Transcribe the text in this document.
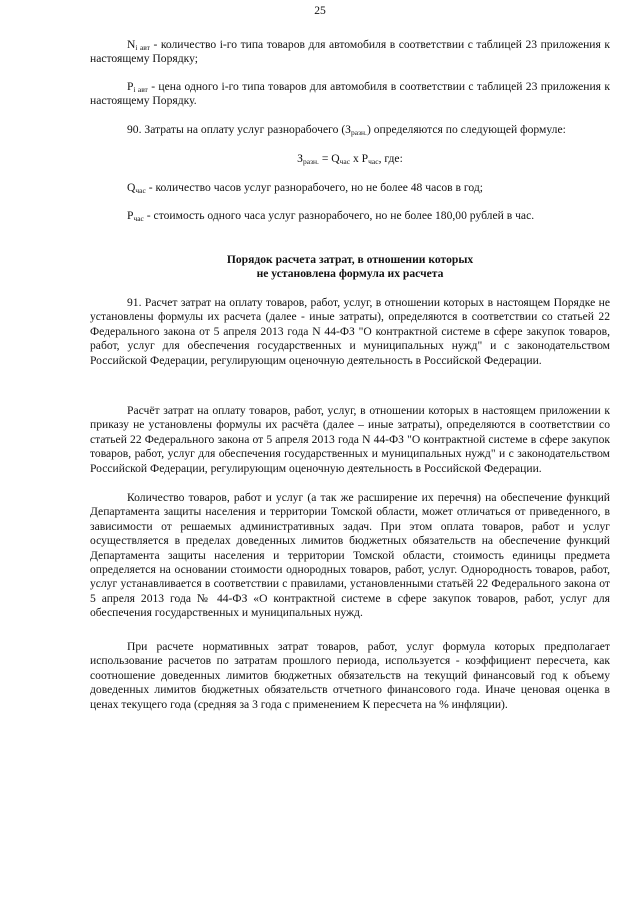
25
$N_{i авт}$ - количество i-го типа товаров для автомобиля в соответствии с таблицей 23 приложения к настоящему Порядку;
$P_{i авт}$ - цена одного i-го типа товаров для автомобиля в соответствии с таблицей 23 приложения к настоящему Порядку.
90. Затраты на оплату услуг разнорабочего $(З_{разн.})$ определяются по следующей формуле:
$З_{разн.} = Q_{час}$ х $P_{час}$, где:
$Q_{час}$ - количество часов услуг разнорабочего, но не более 48 часов в год;
$P_{час}$ - стоимость одного часа услуг разнорабочего, но не более 180,00 рублей в час.
Порядок расчета затрат, в отношении которых
не установлена формула их расчета
91. Расчет затрат на оплату товаров, работ, услуг, в отношении которых в настоящем Порядке не установлены формулы их расчета (далее - иные затраты), определяются в соответствии со статьей 22 Федерального закона от 5 апреля 2013 года N 44-ФЗ "О контрактной системе в сфере закупок товаров, работ, услуг для обеспечения государственных и муниципальных нужд" и с законодательством Российской Федерации, регулирующим оценочную деятельность в Российской Федерации.
Расчёт затрат на оплату товаров, работ, услуг, в отношении которых в настоящем приложении к приказу не установлены формулы их расчёта (далее – иные затраты), определяются в соответствии со статьей 22 Федерального закона от 5 апреля 2013 года N 44-ФЗ "О контрактной системе в сфере закупок товаров, работ, услуг для обеспечения государственных и муниципальных нужд" и с законодательством Российской Федерации, регулирующим оценочную деятельность в Российской Федерации.
Количество товаров, работ и услуг (а так же расширение их перечня) на обеспечение функций Департамента защиты населения и территории Томской области, может отличаться от приведенного, в зависимости от решаемых административных задач. При этом оплата товаров, работ и услуг осуществляется в пределах доведенных лимитов бюджетных обязательств на обеспечение функций Департамента защиты населения и территории Томской области, стоимость единицы предмета определяется на основании стоимости однородных товаров, работ, услуг. Однородность товаров, работ, услуг устанавливается в соответствии с правилами, установленными статьёй 22 Федерального закона от 5 апреля 2013 года № 44-ФЗ «О контрактной системе в сфере закупок товаров, работ, услуг для обеспечения государственных и муниципальных нужд.
При расчете нормативных затрат товаров, работ, услуг формула которых предполагает использование расчетов по затратам прошлого периода, используется - коэффициент пересчета, как соотношение доведенных лимитов бюджетных обязательств на текущий финансовый год к объему доведенных лимитов бюджетных обязательств отчетного финансового года. Иначе ценовая оценка в ценах текущего года (средняя за 3 года с применением К пересчета на % инфляции).
